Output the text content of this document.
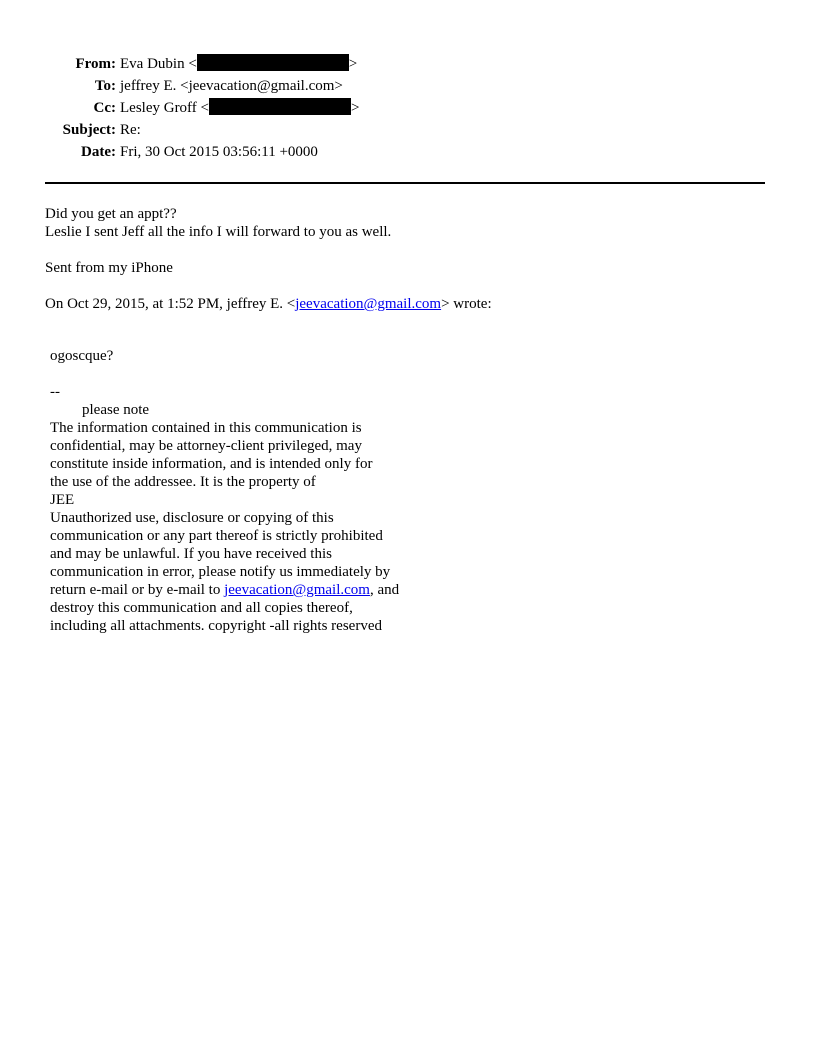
From: Eva Dubin <	>
To: jeffrey E. <jeevacation@gmail.com>
Cc: Lesley Groff <	>
Subject: Re:
Date: Fri, 30 Oct 2015 03:56:11 +0000

Did you get an appt??

Leslie I sent Jeff all the info I will forward to you as well.

Sent from my iPhone

On Oct 29, 2015, at 1:52 PM, jeffrey E. <jeevacation@gmail.com> wrote:

ogoscque?

--

please note

The information contained in this communication is

confidential, may be attorney-client privileged, may

constitute inside information, and is intended only for

the use of the addressee. It is the property of

JEE

Unauthorized use, disclosure or copying of this

communication or any part thereof is strictly prohibited

and may be unlawful. If you have received this

communication in error, please notify us immediately by

return e-mail or by e-mail to jeevacation@gmail.com, and

destroy this communication and all copies thereof,

including all attachments. copyright -all rights reserved
